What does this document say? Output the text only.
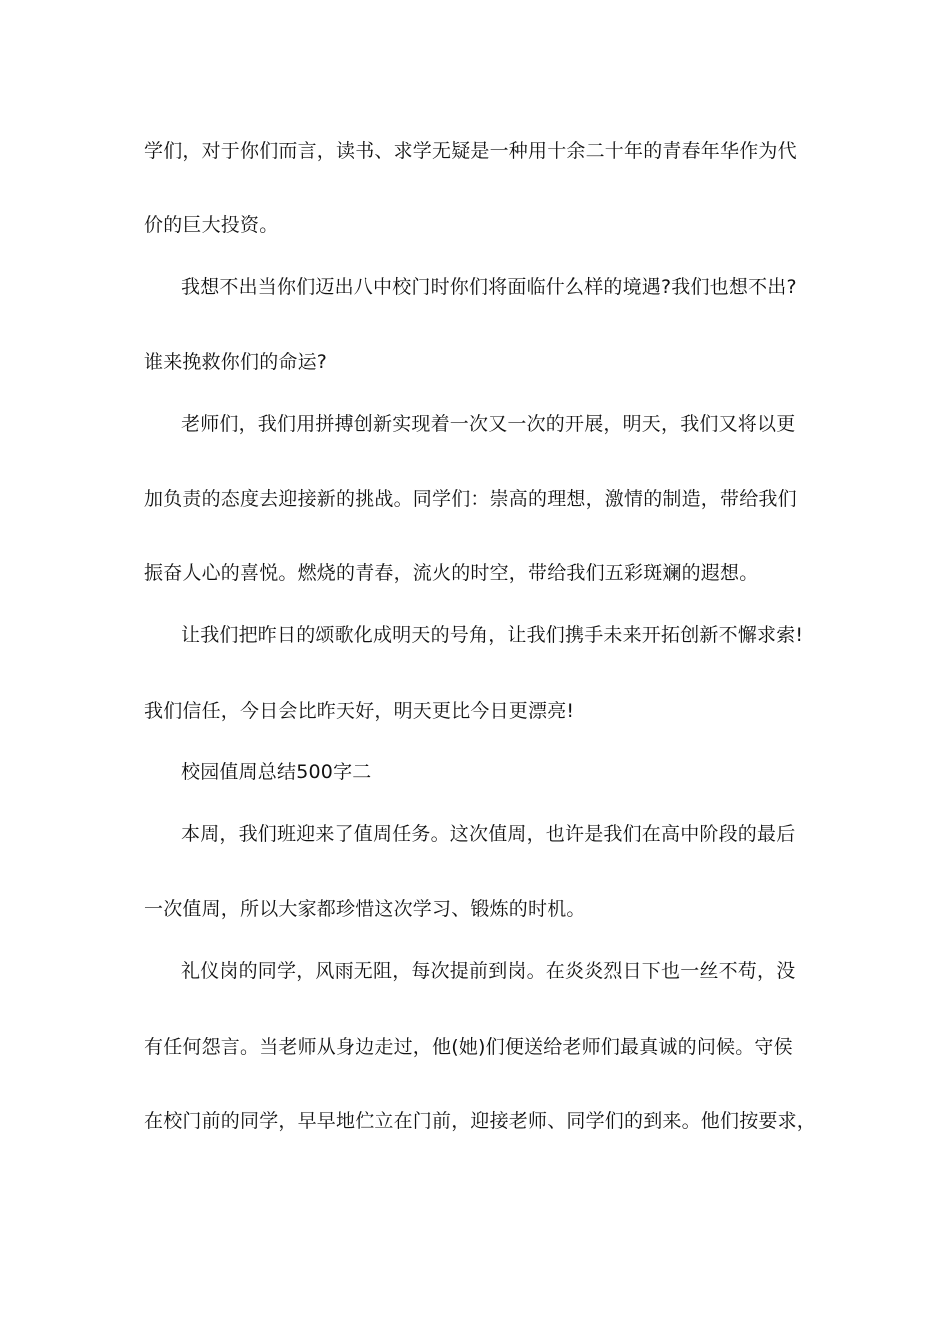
学们，对于你们而言，读书、求学无疑是一种用十余二十年的青春年华作为代
价的巨大投资。
我想不出当你们迈出八中校门时你们将面临什么样的境遇?我们也想不出?
谁来挽救你们的命运?
老师们，我们用拼搏创新实现着一次又一次的开展，明天，我们又将以更
加负责的态度去迎接新的挑战。同学们：崇高的理想，激情的制造，带给我们
振奋人心的喜悦。燃烧的青春，流火的时空，带给我们五彩斑斓的遐想。
让我们把昨日的颂歌化成明天的号角，让我们携手未来开拓创新不懈求索!
我们信任，今日会比昨天好，明天更比今日更漂亮!
校园值周总结500字二
本周，我们班迎来了值周任务。这次值周，也许是我们在高中阶段的最后
一次值周，所以大家都珍惜这次学习、锻炼的时机。
礼仪岗的同学，风雨无阻，每次提前到岗。在炎炎烈日下也一丝不苟，没
有任何怨言。当老师从身边走过，他(她)们便送给老师们最真诚的问候。守侯
在校门前的同学，早早地伫立在门前，迎接老师、同学们的到来。他们按要求，
